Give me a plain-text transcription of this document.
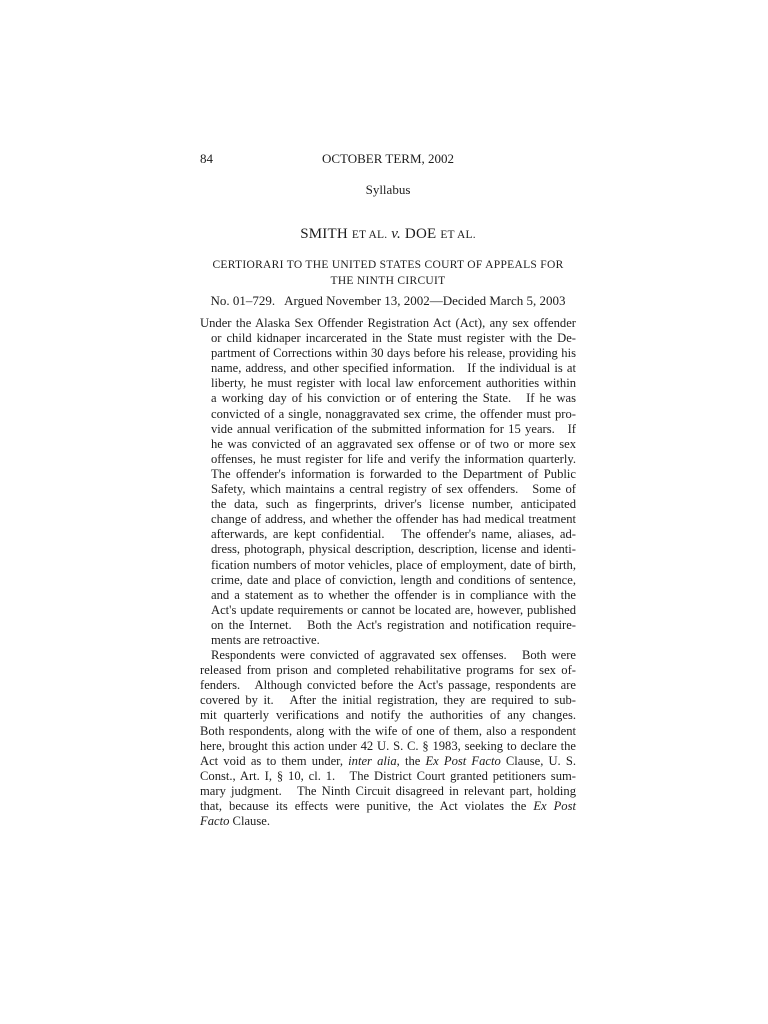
84	OCTOBER TERM, 2002
Syllabus
SMITH ET AL. v. DOE ET AL.
CERTIORARI TO THE UNITED STATES COURT OF APPEALS FOR
THE NINTH CIRCUIT
No. 01–729.   Argued November 13, 2002—Decided March 5, 2003
Under the Alaska Sex Offender Registration Act (Act), any sex offender
or child kidnaper incarcerated in the State must register with the De-
partment of Corrections within 30 days before his release, providing his
name, address, and other specified information.   If the individual is at
liberty, he must register with local law enforcement authorities within
a working day of his conviction or of entering the State.   If he was
convicted of a single, nonaggravated sex crime, the offender must pro-
vide annual verification of the submitted information for 15 years.   If
he was convicted of an aggravated sex offense or of two or more sex
offenses, he must register for life and verify the information quarterly.
The offender's information is forwarded to the Department of Public
Safety, which maintains a central registry of sex offenders.   Some of
the data, such as fingerprints, driver's license number, anticipated
change of address, and whether the offender has had medical treatment
afterwards, are kept confidential.   The offender's name, aliases, ad-
dress, photograph, physical description, description, license and identi-
fication numbers of motor vehicles, place of employment, date of birth,
crime, date and place of conviction, length and conditions of sentence,
and a statement as to whether the offender is in compliance with the
Act's update requirements or cannot be located are, however, published
on the Internet.   Both the Act's registration and notification require-
ments are retroactive.
Respondents were convicted of aggravated sex offenses.   Both were
released from prison and completed rehabilitative programs for sex of-
fenders.   Although convicted before the Act's passage, respondents are
covered by it.   After the initial registration, they are required to sub-
mit quarterly verifications and notify the authorities of any changes.
Both respondents, along with the wife of one of them, also a respondent
here, brought this action under 42 U. S. C. § 1983, seeking to declare the
Act void as to them under, inter alia, the Ex Post Facto Clause, U. S.
Const., Art. I, § 10, cl. 1.   The District Court granted petitioners sum-
mary judgment.   The Ninth Circuit disagreed in relevant part, holding
that, because its effects were punitive, the Act violates the Ex Post
Facto Clause.
